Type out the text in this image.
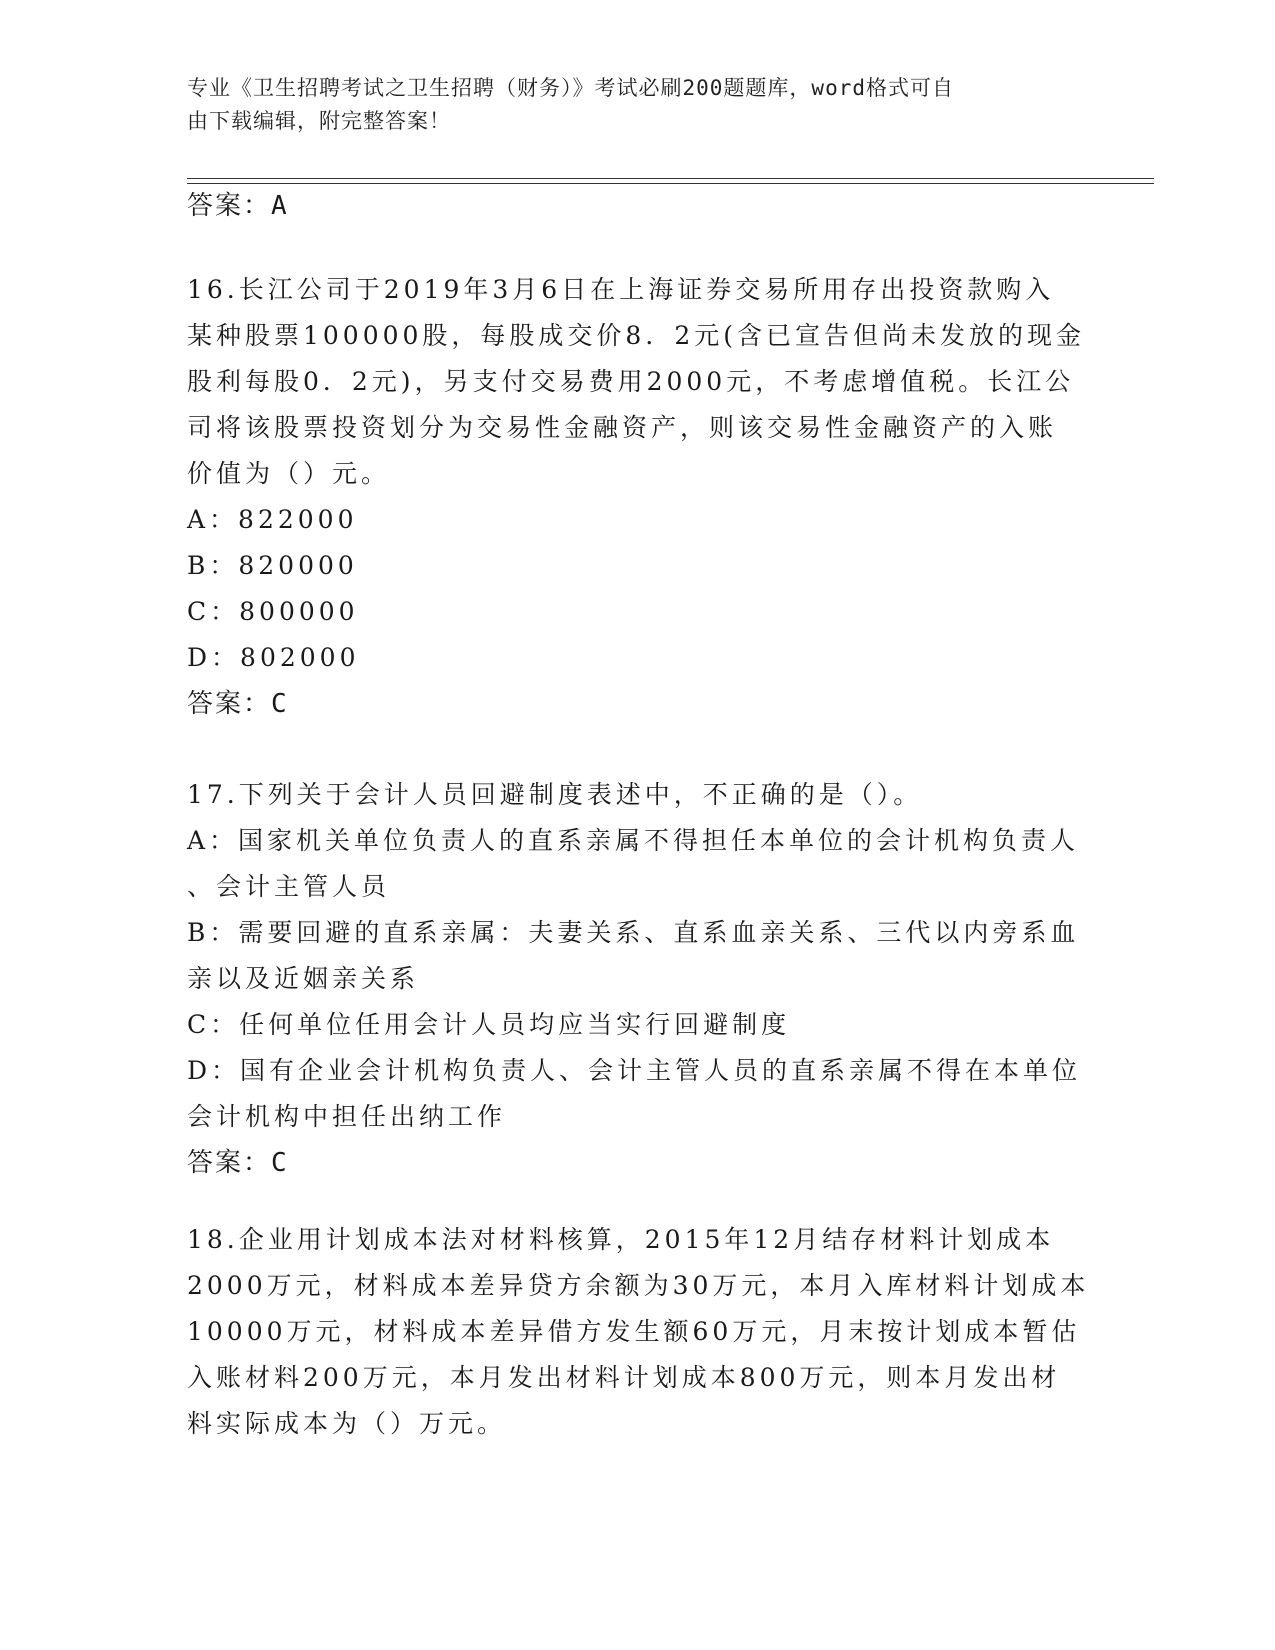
专业《卫生招聘考试之卫生招聘（财务）》考试必刷200题题库，word格式可自
由下载编辑，附完整答案！
答案：A
16.长江公司于2019年3月6日在上海证券交易所用存出投资款购入
某种股票100000股，每股成交价8．2元(含已宣告但尚未发放的现金
股利每股0．2元)，另支付交易费用2000元，不考虑增值税。长江公
司将该股票投资划分为交易性金融资产，则该交易性金融资产的入账
价值为（）元。
A：822000
B：820000
C：800000
D：802000
答案：C
17.下列关于会计人员回避制度表述中，不正确的是（）。
A：国家机关单位负责人的直系亲属不得担任本单位的会计机构负责人
、会计主管人员
B：需要回避的直系亲属：夫妻关系、直系血亲关系、三代以内旁系血
亲以及近姻亲关系
C：任何单位任用会计人员均应当实行回避制度
D：国有企业会计机构负责人、会计主管人员的直系亲属不得在本单位
会计机构中担任出纳工作
答案：C
18.企业用计划成本法对材料核算，2015年12月结存材料计划成本
2000万元，材料成本差异贷方余额为30万元，本月入库材料计划成本
10000万元，材料成本差异借方发生额60万元，月末按计划成本暂估
入账材料200万元，本月发出材料计划成本800万元，则本月发出材
料实际成本为（）万元。
